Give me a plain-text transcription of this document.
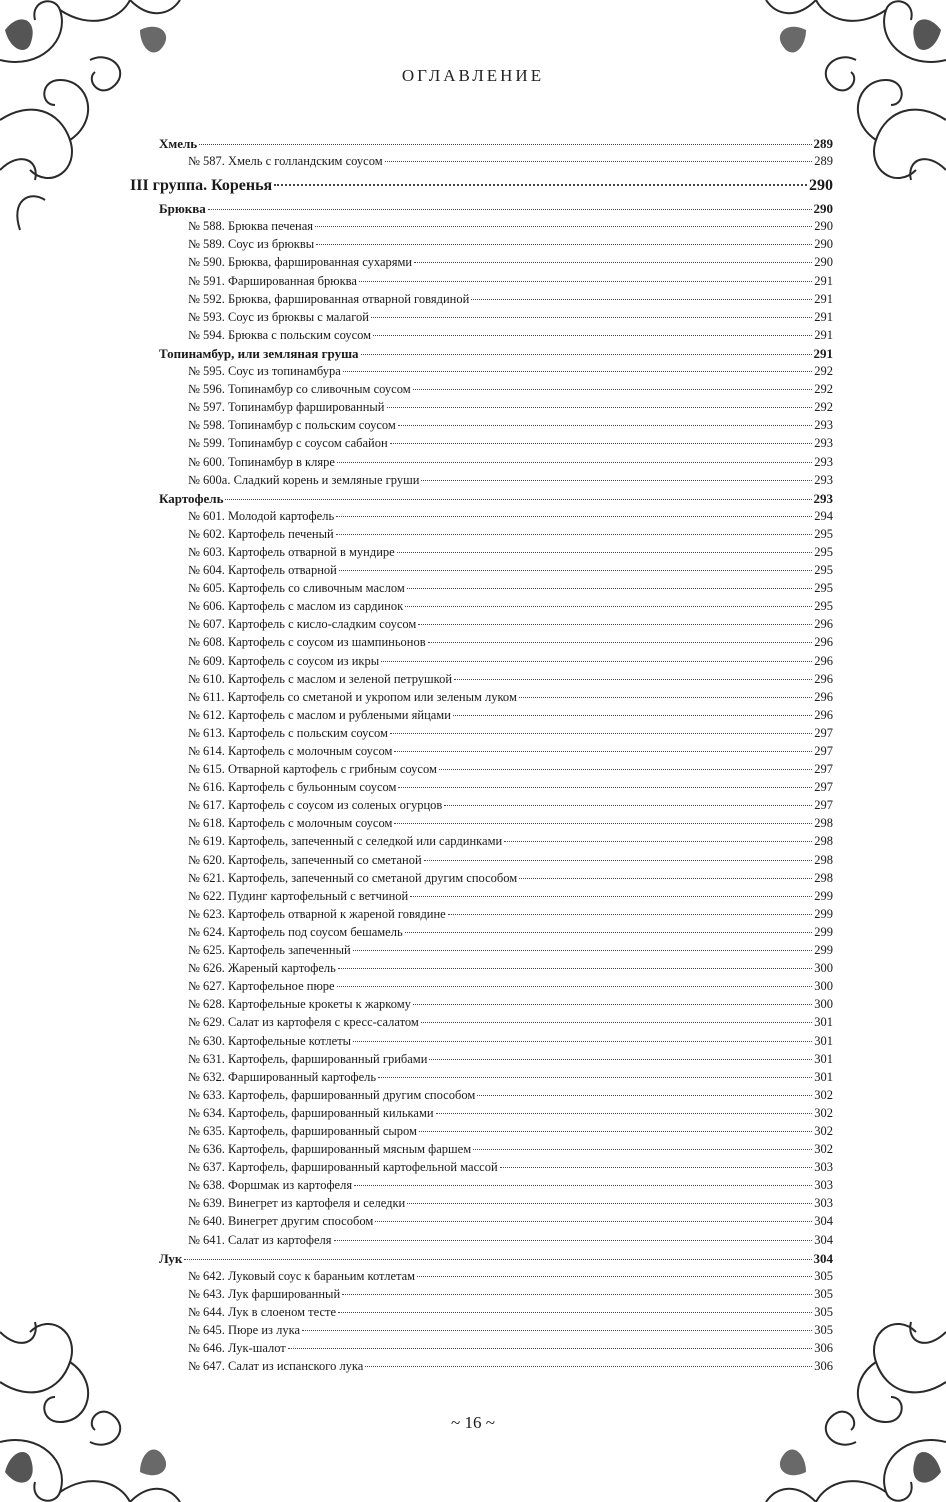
ОГЛАВЛЕНИЕ
Хмель	289
№ 587. Хмель с голландским соусом	289
III группа. Коренья	290
Брюква	290
№ 588. Брюква печеная	290
№ 589. Соус из брюквы	290
№ 590. Брюква, фаршированная сухарями	290
№ 591. Фаршированная брюква	291
№ 592. Брюква, фаршированная отварной говядиной	291
№ 593. Соус из брюквы с малагой	291
№ 594. Брюква с польским соусом	291
Топинамбур, или земляная груша	291
№ 595. Соус из топинамбура	292
№ 596. Топинамбур со сливочным соусом	292
№ 597. Топинамбур фаршированный	292
№ 598. Топинамбур с польским соусом	293
№ 599. Топинамбур с соусом сабайон	293
№ 600. Топинамбур в кляре	293
№ 600а. Сладкий корень и земляные груши	293
Картофель	293
№ 601. Молодой картофель	294
№ 602. Картофель печеный	295
№ 603. Картофель отварной в мундире	295
№ 604. Картофель отварной	295
№ 605. Картофель со сливочным маслом	295
№ 606. Картофель с маслом из сардинок	295
№ 607. Картофель с кисло-сладким соусом	296
№ 608. Картофель с соусом из шампиньонов	296
№ 609. Картофель с соусом из икры	296
№ 610. Картофель с маслом и зеленой петрушкой	296
№ 611. Картофель со сметаной и укропом или зеленым луком	296
№ 612. Картофель с маслом и рублеными яйцами	296
№ 613. Картофель с польским соусом	297
№ 614. Картофель с молочным соусом	297
№ 615. Отварной картофель с грибным соусом	297
№ 616. Картофель с бульонным соусом	297
№ 617. Картофель с соусом из соленых огурцов	297
№ 618. Картофель с молочным соусом	298
№ 619. Картофель, запеченный с селедкой или сардинками	298
№ 620. Картофель, запеченный со сметаной	298
№ 621. Картофель, запеченный со сметаной другим способом	298
№ 622. Пудинг картофельный с ветчиной	299
№ 623. Картофель отварной к жареной говядине	299
№ 624. Картофель под соусом бешамель	299
№ 625. Картофель запеченный	299
№ 626. Жареный картофель	300
№ 627. Картофельное пюре	300
№ 628. Картофельные крокеты к жаркому	300
№ 629. Салат из картофеля с кресс-салатом	301
№ 630. Картофельные котлеты	301
№ 631. Картофель, фаршированный грибами	301
№ 632. Фаршированный картофель	301
№ 633. Картофель, фаршированный другим способом	302
№ 634. Картофель, фаршированный кильками	302
№ 635. Картофель, фаршированный сыром	302
№ 636. Картофель, фаршированный мясным фаршем	302
№ 637. Картофель, фаршированный картофельной массой	303
№ 638. Форшмак из картофеля	303
№ 639. Винегрет из картофеля и селедки	303
№ 640. Винегрет другим способом	304
№ 641. Салат из картофеля	304
Лук	304
№ 642. Луковый соус к бараньим котлетам	305
№ 643. Лук фаршированный	305
№ 644. Лук в слоеном тесте	305
№ 645. Пюре из лука	305
№ 646. Лук-шалот	306
№ 647. Салат из испанского лука	306
~ 16 ~
